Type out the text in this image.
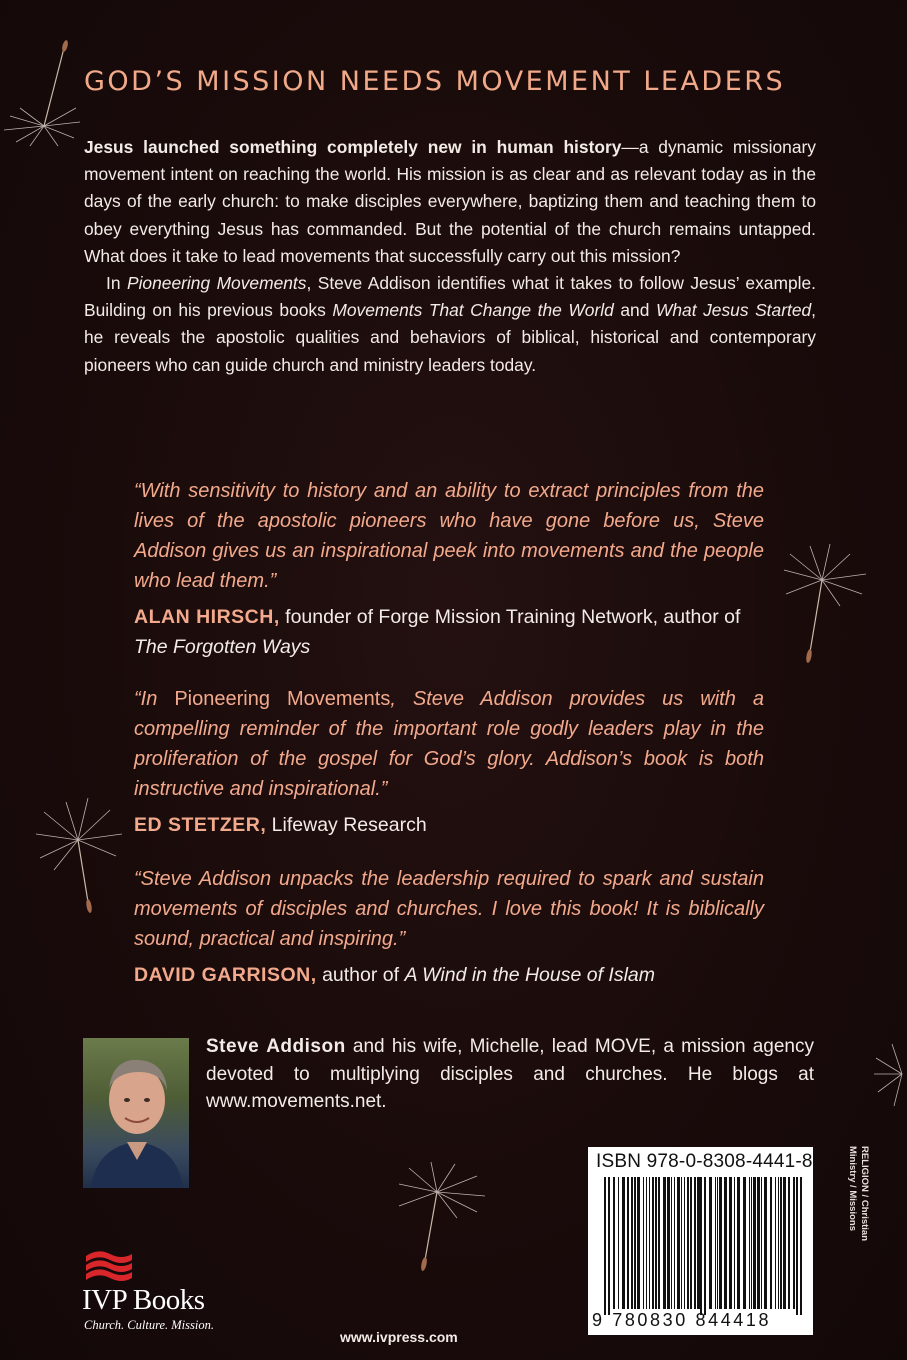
GOD’S MISSION NEEDS MOVEMENT LEADERS

Jesus launched something completely new in human history—a dynamic missionary movement intent on reaching the world. His mission is as clear and as relevant today as in the days of the early church: to make disciples everywhere, baptizing them and teaching them to obey everything Jesus has commanded. But the potential of the church remains untapped. What does it take to lead movements that successfully carry out this mission?

In Pioneering Movements, Steve Addison identifies what it takes to follow Jesus’ example. Building on his previous books Movements That Change the World and What Jesus Started, he reveals the apostolic qualities and behaviors of biblical, historical and contemporary pioneers who can guide church and ministry leaders today.

“With sensitivity to history and an ability to extract principles from the lives of the apostolic pioneers who have gone before us, Steve Addison gives us an inspirational peek into movements and the people who lead them.”

ALAN HIRSCH, founder of Forge Mission Training Network, author of The Forgotten Ways

“In Pioneering Movements, Steve Addison provides us with a compelling reminder of the important role godly leaders play in the proliferation of the gospel for God’s glory. Addison’s book is both instructive and inspirational.”

ED STETZER, Lifeway Research

“Steve Addison unpacks the leadership required to spark and sustain movements of disciples and churches. I love this book! It is biblically sound, practical and inspiring.”

DAVID GARRISON, author of A Wind in the House of Islam

Steve Addison and his wife, Michelle, lead MOVE, a mission agency devoted to multiplying disciples and churches. He blogs at www.movements.net.
ISBN 978-0-8308-4441-8
9 780830 844418
RELIGION / Christian Ministry / Missions
IVP Books
Church. Culture. Mission.
www.ivpress.com
